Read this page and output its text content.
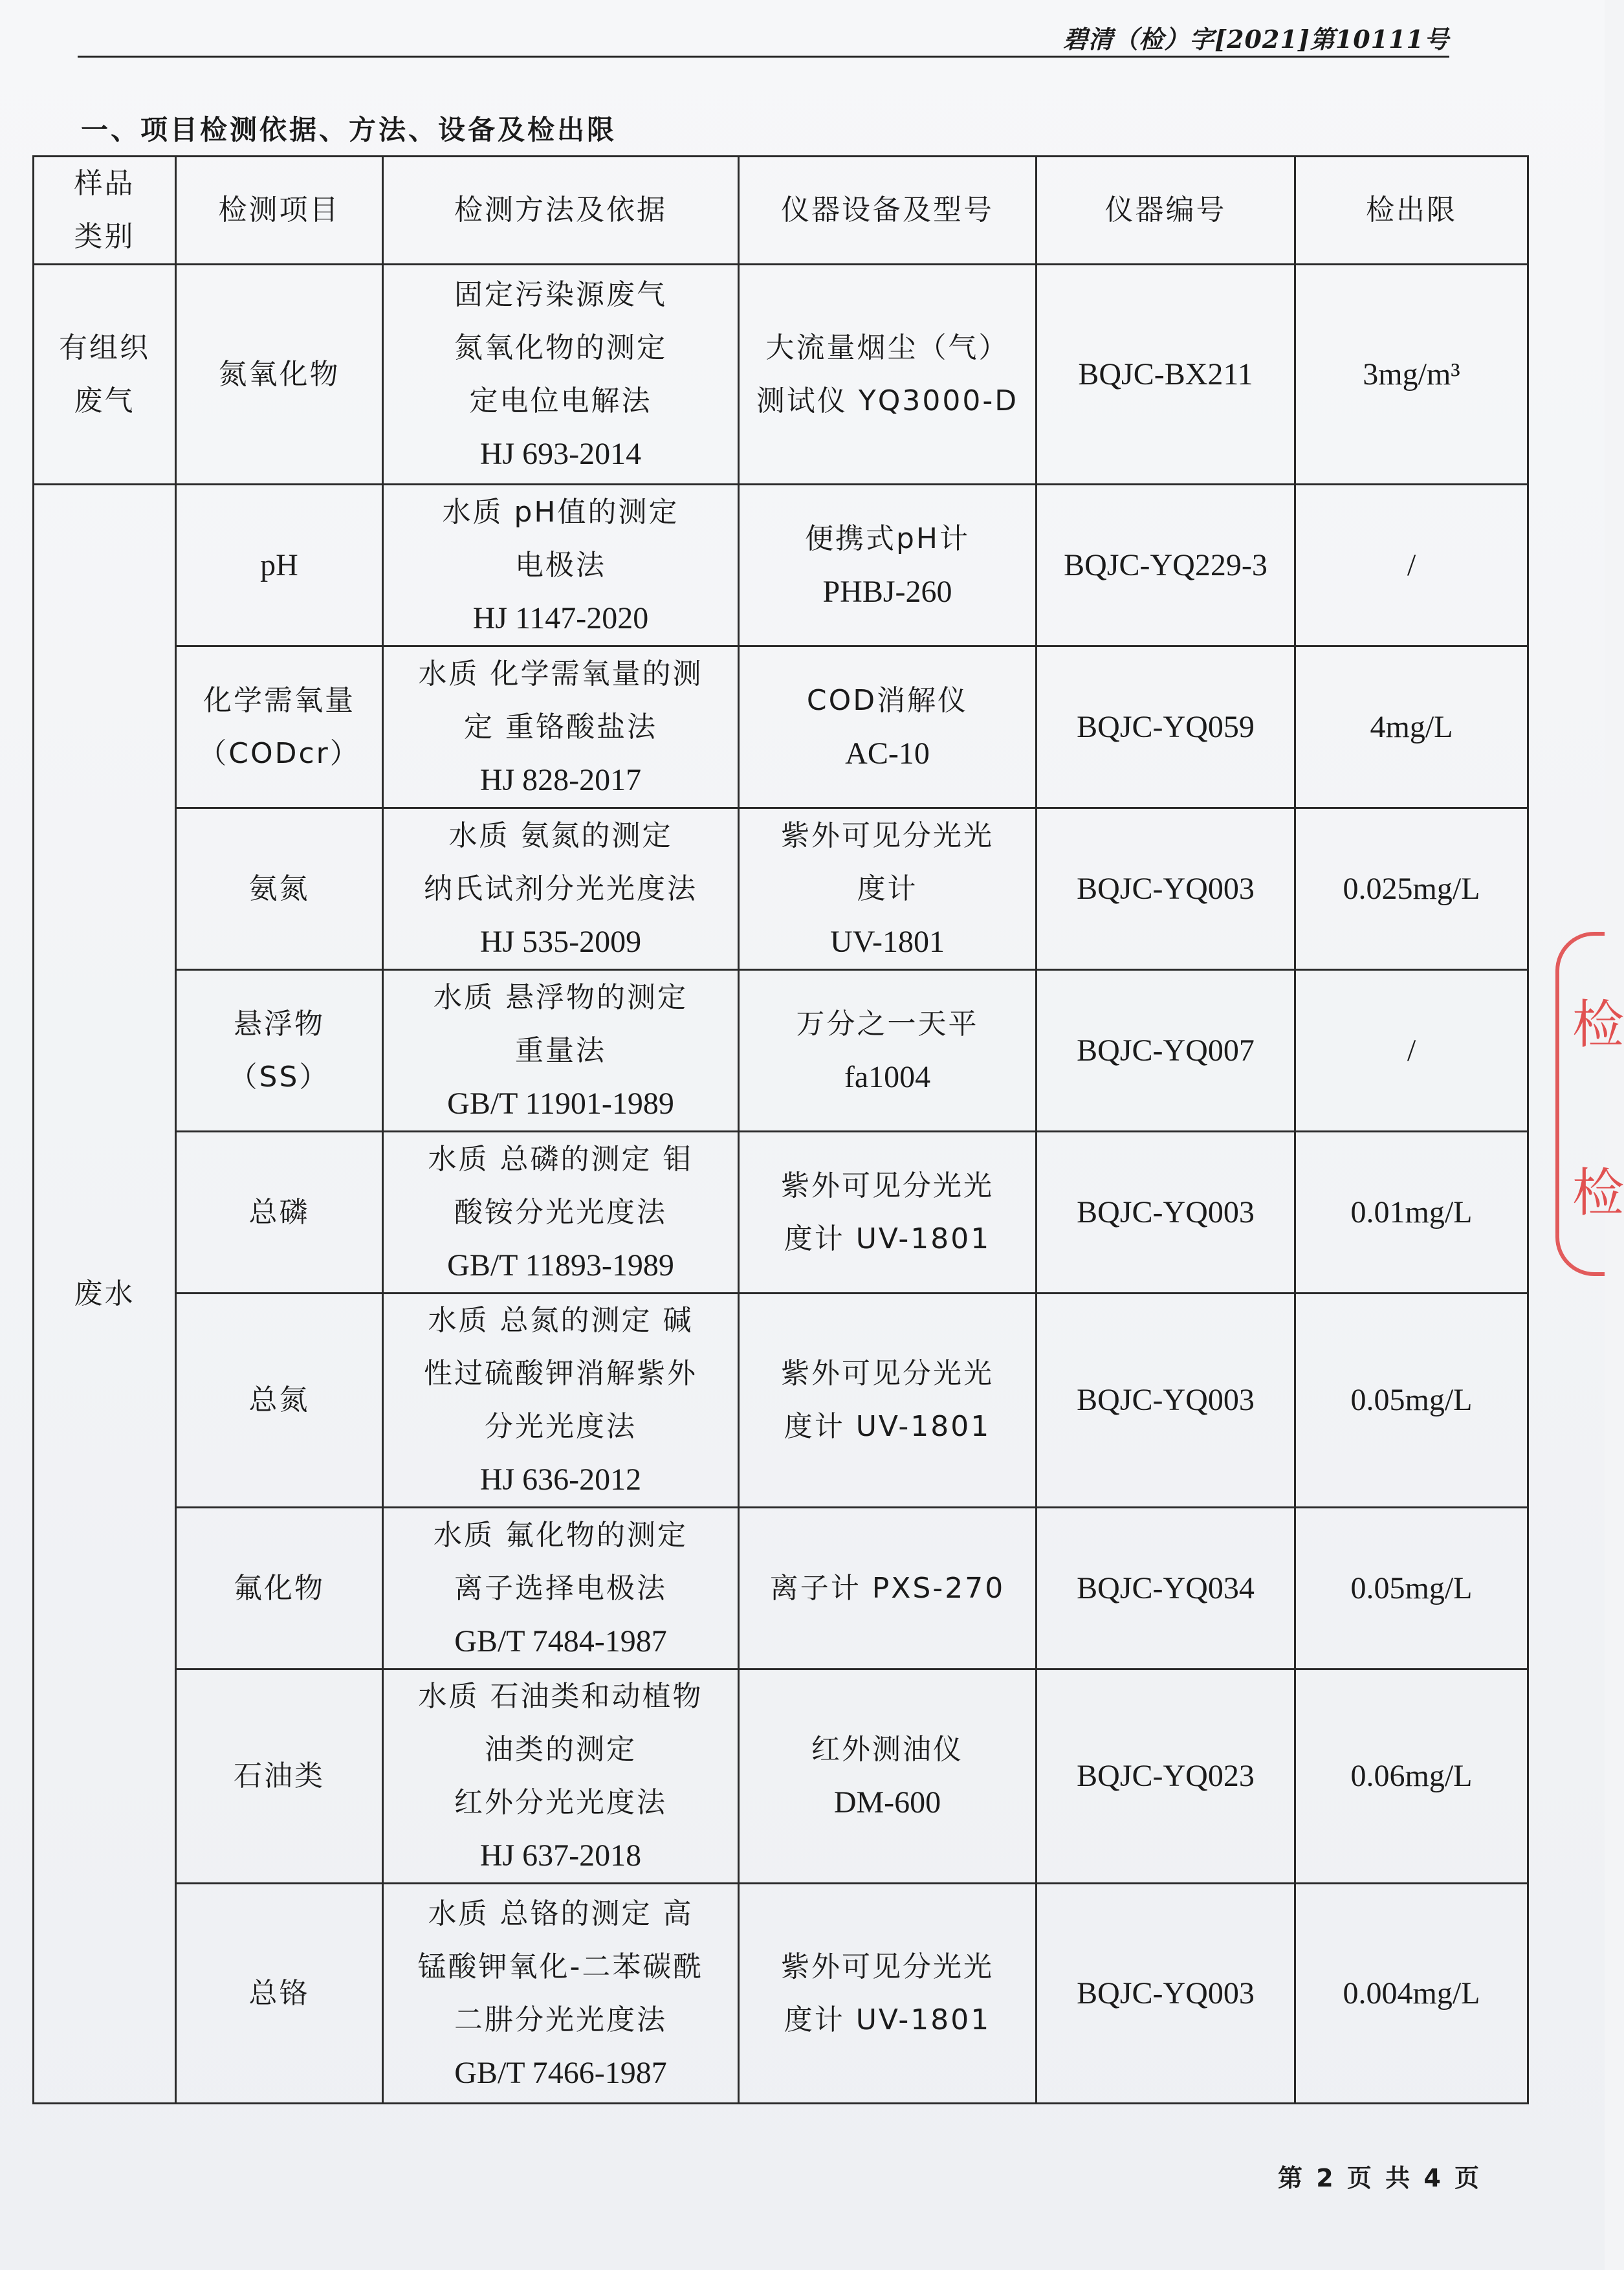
碧清（检）字[2021]第10111号
一、项目检测依据、方法、设备及检出限
样品
类别	检测项目	检测方法及依据	仪器设备及型号	仪器编号	检出限

有组织
废气	氮氧化物	固定污染源废气
氮氧化物的测定
定电位电解法
HJ 693-2014	大流量烟尘（气）
测试仪 YQ3000-D	BQJC-BX211	3mg/m³

废水	pH	水质 pH值的测定
电极法
HJ 1147-2020	便携式pH计
PHBJ-260	BQJC-YQ229-3	/

	化学需氧量
（CODcr）	水质 化学需氧量的测
定 重铬酸盐法
HJ 828-2017	COD消解仪
AC-10	BQJC-YQ059	4mg/L

	氨氮	水质 氨氮的测定
纳氏试剂分光光度法
HJ 535-2009	紫外可见分光光
度计
UV-1801	BQJC-YQ003	0.025mg/L

	悬浮物
（SS）	水质 悬浮物的测定
重量法
GB/T 11901-1989	万分之一天平
fa1004	BQJC-YQ007	/

	总磷	水质 总磷的测定 钼
酸铵分光光度法
GB/T 11893-1989	紫外可见分光光
度计 UV-1801	BQJC-YQ003	0.01mg/L

	总氮	水质 总氮的测定 碱
性过硫酸钾消解紫外
分光光度法
HJ 636-2012	紫外可见分光光
度计 UV-1801	BQJC-YQ003	0.05mg/L

	氟化物	水质 氟化物的测定
离子选择电极法
GB/T 7484-1987	离子计 PXS-270	BQJC-YQ034	0.05mg/L

	石油类	水质 石油类和动植物
油类的测定
红外分光光度法
HJ 637-2018	红外测油仪
DM-600	BQJC-YQ023	0.06mg/L

	总铬	水质 总铬的测定 高
锰酸钾氧化-二苯碳酰
二肼分光光度法
GB/T 7466-1987	紫外可见分光光
度计 UV-1801	BQJC-YQ003	0.004mg/L
检
检
第 2 页 共 4 页
